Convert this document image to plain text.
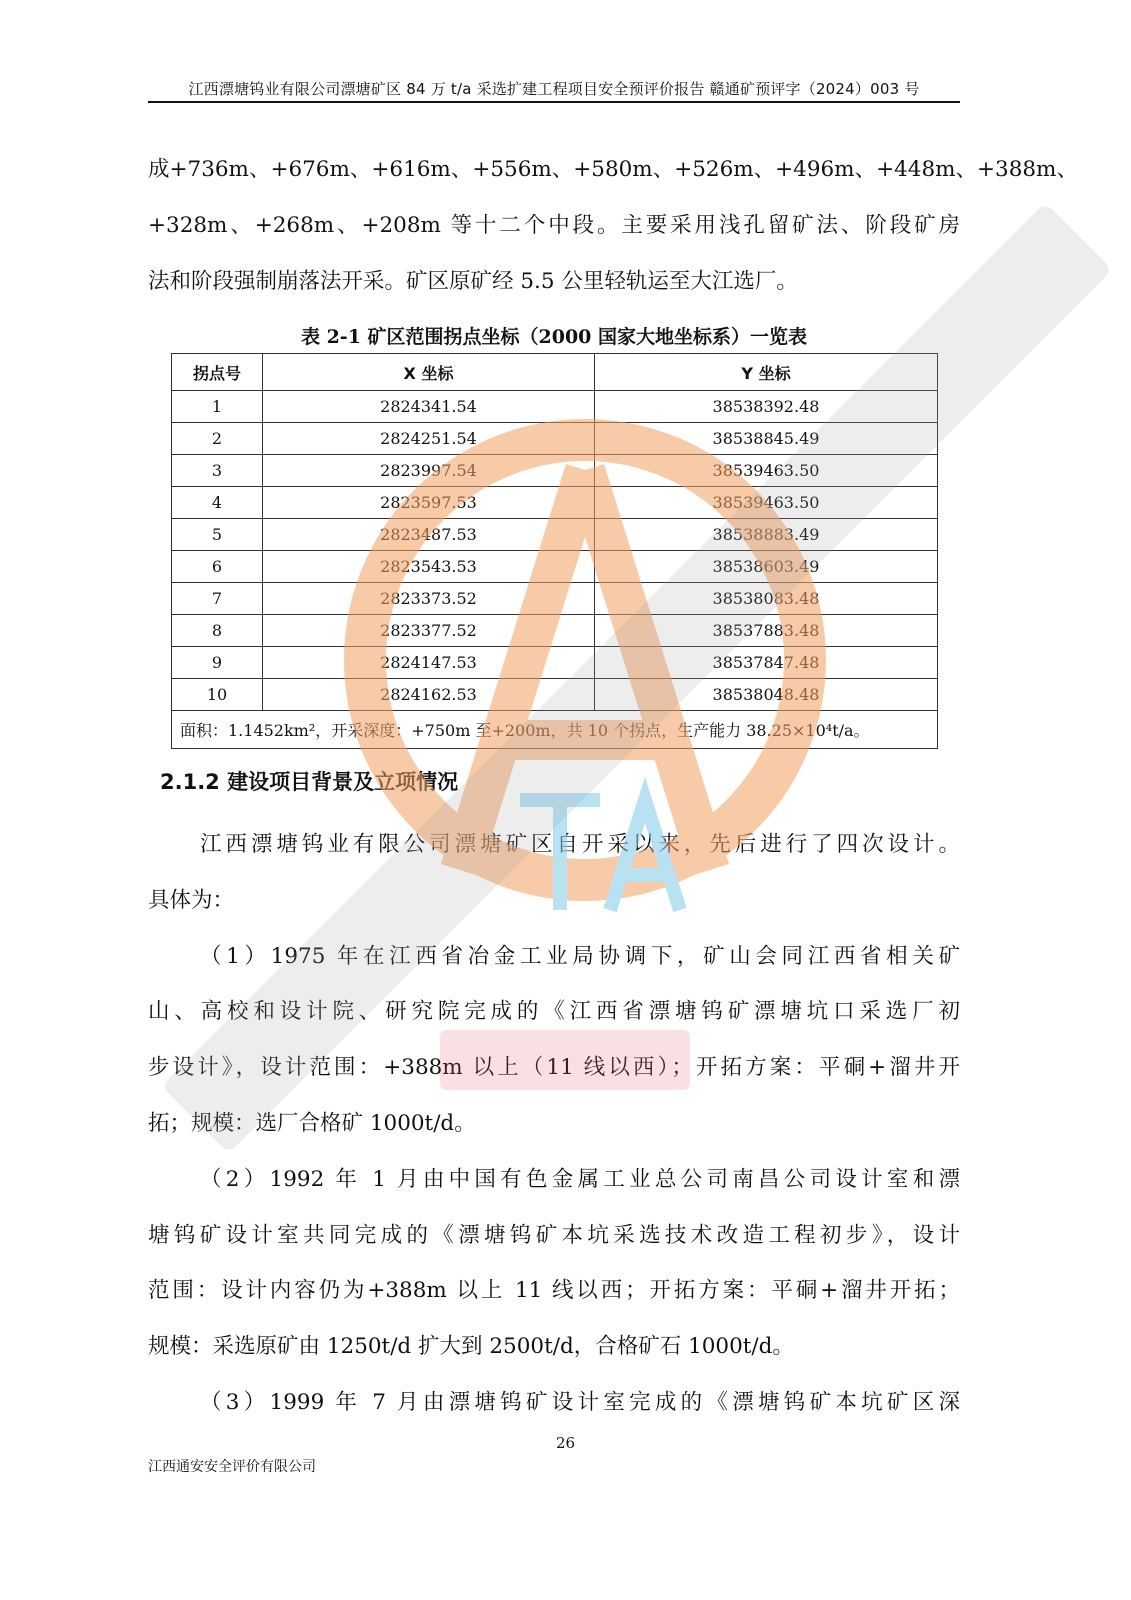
江西漂塘钨业有限公司漂塘矿区 84 万 t/a 采选扩建工程项目安全预评价报告 赣通矿预评字（2024）003 号
成+736m、+676m、+616m、+556m、+580m、+526m、+496m、+448m、+388m、
+328m、+268m、+208m 等十二个中段。主要采用浅孔留矿法、阶段矿房
法和阶段强制崩落法开采。矿区原矿经 5.5 公里轻轨运至大江选厂。
表 2-1 矿区范围拐点坐标（2000 国家大地坐标系）一览表
拐点号	X 坐标	Y 坐标
1	2824341.54	38538392.48
2	2824251.54	38538845.49
3	2823997.54	38539463.50
4	2823597.53	38539463.50
5	2823487.53	38538883.49
6	2823543.53	38538603.49
7	2823373.52	38538083.48
8	2823377.52	38537883.48
9	2824147.53	38537847.48
10	2824162.53	38538048.48
面积：1.1452km²，开采深度：+750m 至+200m，共 10 个拐点，生产能力 38.25×10⁴t/a。		
2.1.2 建设项目背景及立项情况
江西漂塘钨业有限公司漂塘矿区自开采以来，先后进行了四次设计。
具体为：
（1）1975 年在江西省冶金工业局协调下，矿山会同江西省相关矿
山、高校和设计院、研究院完成的《江西省漂塘钨矿漂塘坑口采选厂初
步设计》，设计范围：+388m 以上（11 线以西）；开拓方案：平硐+溜井开
拓；规模：选厂合格矿 1000t/d。
（2）1992 年 1 月由中国有色金属工业总公司南昌公司设计室和漂
塘钨矿设计室共同完成的《漂塘钨矿本坑采选技术改造工程初步》，设计
范围：设计内容仍为+388m 以上 11 线以西；开拓方案：平硐+溜井开拓；
规模：采选原矿由 1250t/d 扩大到 2500t/d，合格矿石 1000t/d。
（3）1999 年 7 月由漂塘钨矿设计室完成的《漂塘钨矿本坑矿区深
26
江西通安安全评价有限公司
